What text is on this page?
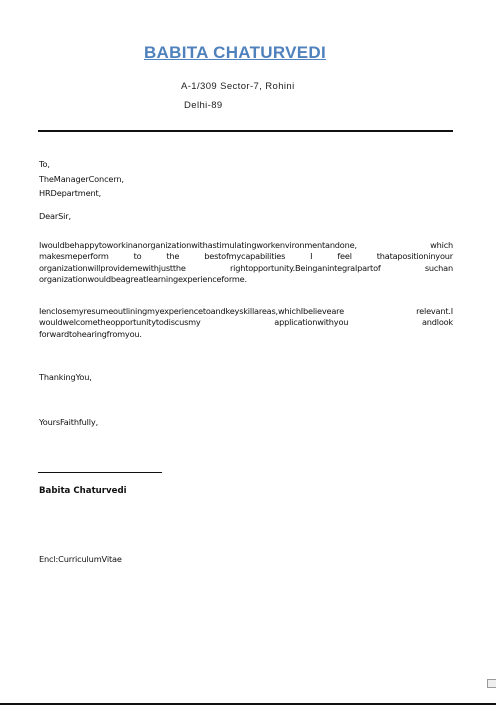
BABITA CHATURVEDI
A-1/309 Sector-7, Rohini
Delhi-89
To,
TheManagerConcern,
HRDepartment,
DearSir,
Iwouldbehappytoworkinanorganizationwithastimulatingworkenvironmentandone,	which
makesmeperform	to	the	bestofmycapabilities	I	feel	thatapositioninyour
organizationwillprovidemewithjustthe	rightopportunity.Beinganintegralpartof	suchan
organizationwouldbeagreatlearningexperienceforme.
Ienclosemyresumeoutliningmyexperiencetoandkeyskillareas,whichIbelieveare	relevant.I
wouldwelcometheopportunitytodiscusmy	applicationwithyou	andlook
forwardtohearingfromyou.
ThankingYou,
YoursFaithfully,
Babita Chaturvedi
Encl:CurriculumVitae
